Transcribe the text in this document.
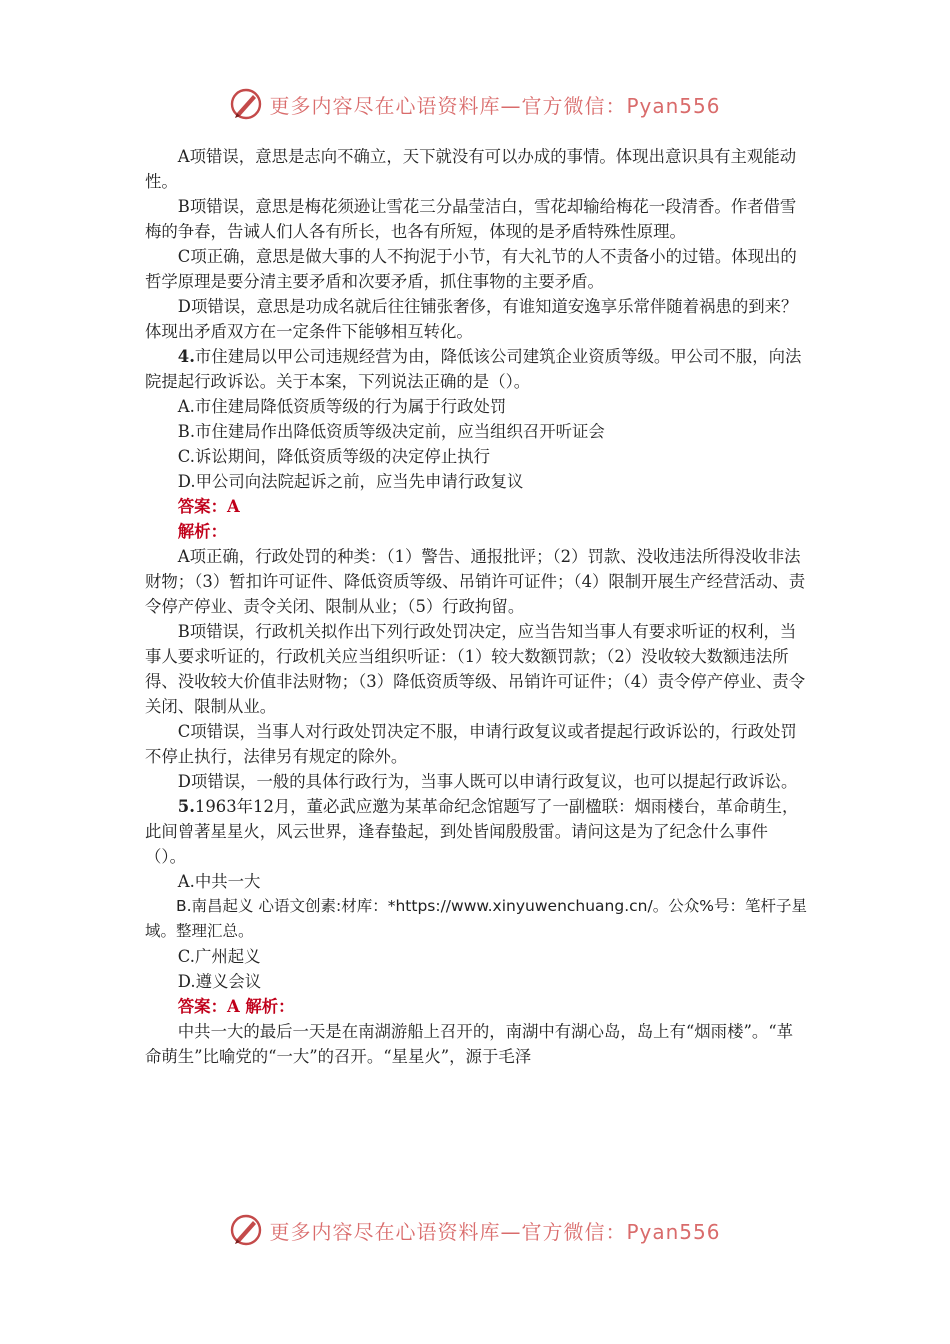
更多内容尽在心语资料库—官方微信：Pyan556

A项错误，意思是志向不确立，天下就没有可以办成的事情。体现出意识具有主观能动性。

B项错误，意思是梅花须逊让雪花三分晶莹洁白，雪花却输给梅花一段清香。作者借雪梅的争春，告诫人们人各有所长，也各有所短，体现的是矛盾特殊性原理。

C项正确，意思是做大事的人不拘泥于小节，有大礼节的人不责备小的过错。体现出的哲学原理是要分清主要矛盾和次要矛盾，抓住事物的主要矛盾。

D项错误，意思是功成名就后往往铺张奢侈，有谁知道安逸享乐常伴随着祸患的到来？体现出矛盾双方在一定条件下能够相互转化。

4.市住建局以甲公司违规经营为由，降低该公司建筑企业资质等级。甲公司不服，向法院提起行政诉讼。关于本案，下列说法正确的是（）。

A.市住建局降低资质等级的行为属于行政处罚

B.市住建局作出降低资质等级决定前，应当组织召开听证会

C.诉讼期间，降低资质等级的决定停止执行

D.甲公司向法院起诉之前，应当先申请行政复议

答案：A

解析：

A项正确，行政处罚的种类：（1）警告、通报批评；（2）罚款、没收违法所得没收非法财物；（3）暂扣许可证件、降低资质等级、吊销许可证件；（4）限制开展生产经营活动、责令停产停业、责令关闭、限制从业；（5）行政拘留。

B项错误，行政机关拟作出下列行政处罚决定，应当告知当事人有要求听证的权利，当事人要求听证的，行政机关应当组织听证：（1）较大数额罚款；（2）没收较大数额违法所得、没收较大价值非法财物；（3）降低资质等级、吊销许可证件；（4）责令停产停业、责令关闭、限制从业。

C项错误，当事人对行政处罚决定不服，申请行政复议或者提起行政诉讼的，行政处罚不停止执行，法律另有规定的除外。

D项错误，一般的具体行政行为，当事人既可以申请行政复议，也可以提起行政诉讼。

5.1963年12月，董必武应邀为某革命纪念馆题写了一副楹联：烟雨楼台，革命萌生，此间曾著星星火，风云世界，逢春蛰起，到处皆闻殷殷雷。请问这是为了纪念什么事件（）。

A.中共一大

B.南昌起义 心语文创素:材库：*https://www.xinyuwenchuang.cn/。公众%号：笔杆子星域。整理汇总。

C.广州起义

D.遵义会议

答案：A 解析：

中共一大的最后一天是在南湖游船上召开的，南湖中有湖心岛，岛上有“烟雨楼”。“革命萌生”比喻党的“一大”的召开。“星星火”，源于毛泽

更多内容尽在心语资料库—官方微信：Pyan556
